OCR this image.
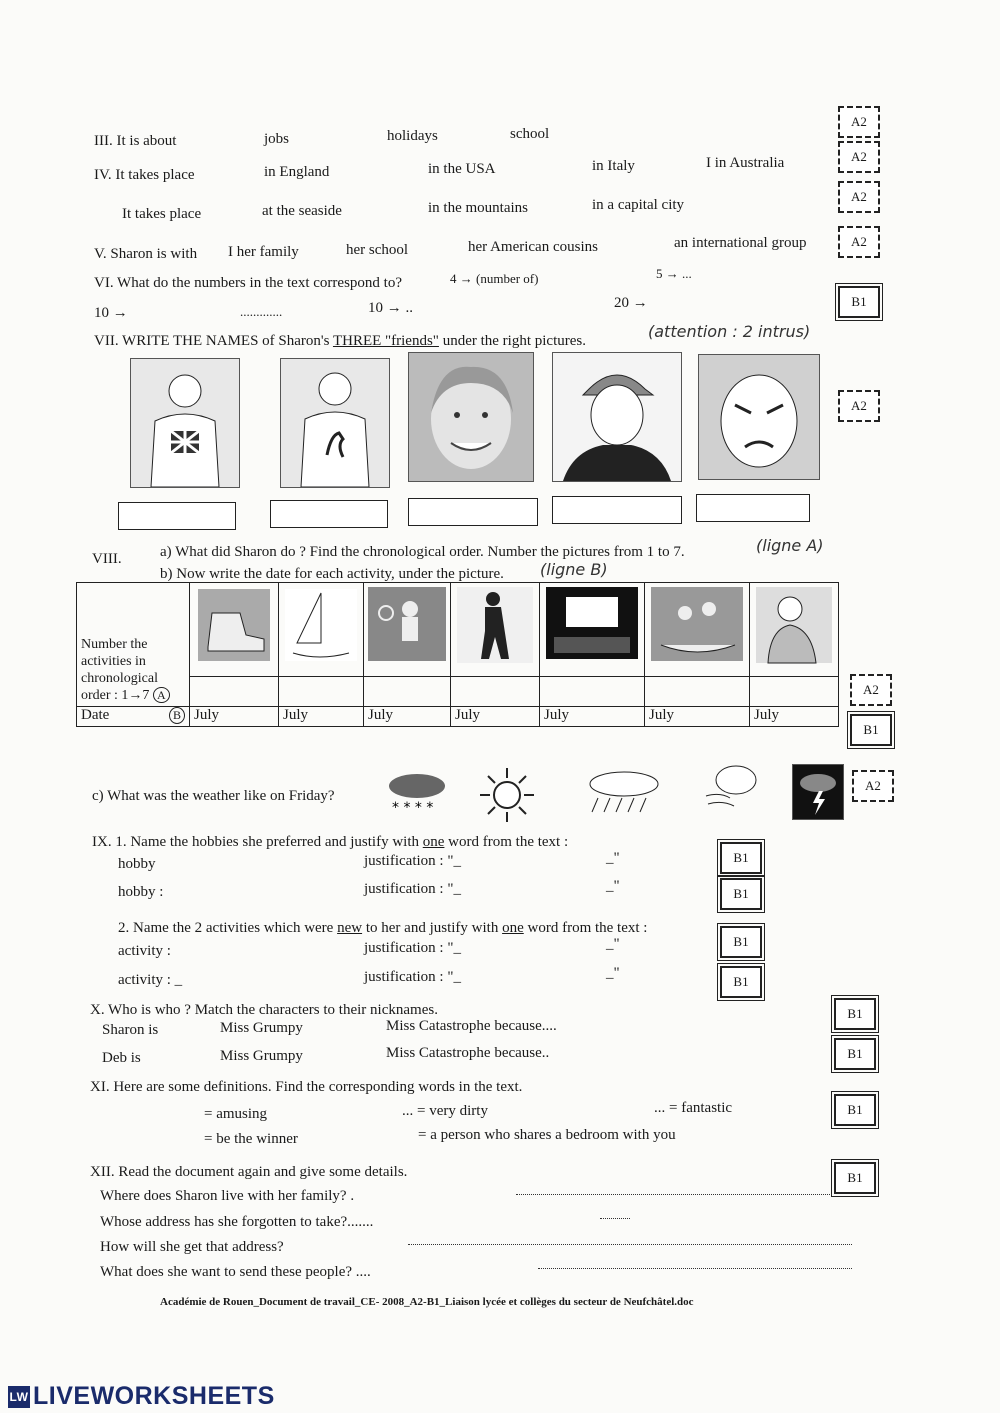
III. It is about	jobs	holidays	school
A2
A2
IV. It takes place	in England	in the USA	in Italy	I in Australia
A2
It takes place	at the seaside	in the mountains	in a capital city
V. Sharon is with I her family	her school	her American cousins	an international group	A2
VI. What do the numbers in the text correspond to?	4 → (number of)	5 → ...
10 →	.............	10 → ..	20 →	B1
VII. WRITE THE NAMES of Sharon's THREE "friends" under the right pictures.	(attention : 2 intrus)
A2
VIII.	a) What did Sharon do ? Find the chronological order. Number the pictures from 1 to 7.	(ligne A)
b) Now write the date for each activity, under the picture. (ligne B)
Number the activities in chronological order : 1→7 A							

Date B	July	July	July	July	July	July	July
A2
B1
c) What was the weather like on Friday?
* * * *
A2
IX. 1. Name the hobbies she preferred and justify with one word from the text :
hobby	justification : "_	_"	B1
hobby :	justification : "_	_"	B1
2. Name the 2 activities which were new to her and justify with one word from the text :
activity :	justification : "_	_"	B1
activity : _	justification : "_	_"
B1
X. Who is who ? Match the characters to their nicknames.
Sharon is	Miss Grumpy	Miss Catastrophe because....
B1
Deb is	Miss Grumpy	Miss Catastrophe because..	B1
XI. Here are some definitions. Find the corresponding words in the text.
= amusing	... = very dirty	... = fantastic
= be the winner	= a person who shares a bedroom with you
B1
XII. Read the document again and give some details.	B1
Where does Sharon live with her family? .
Whose address has she forgotten to take?.......
How will she get that address?
What does she want to send these people? ....
Académie de Rouen_Document de travail_CE- 2008_A2-B1_Liaison lycée et collèges du secteur de Neufchâtel.doc
LW LIVEWORKSHEETS
